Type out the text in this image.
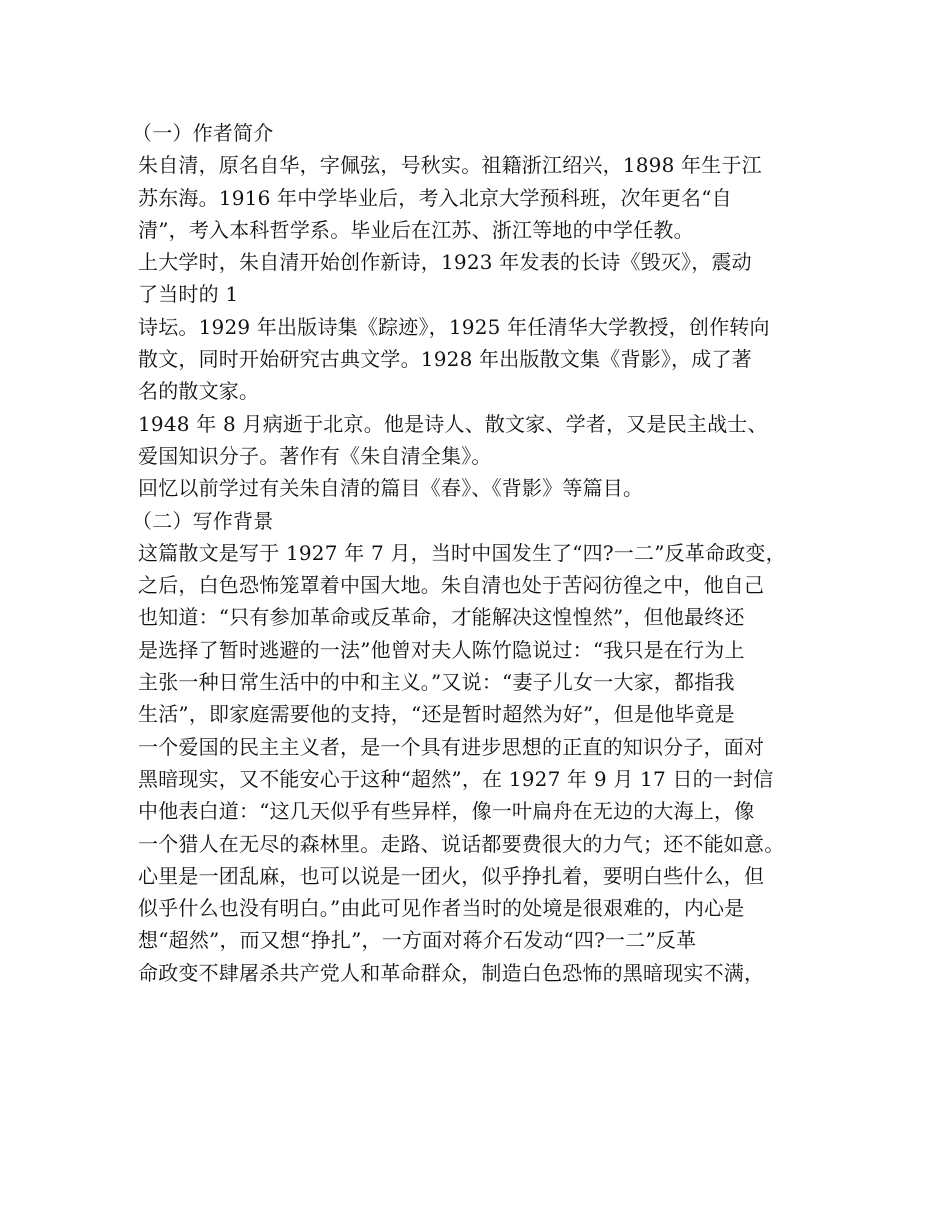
（一）作者简介
朱自清，原名自华，字佩弦，号秋实。祖籍浙江绍兴，1898 年生于江
苏东海。1916 年中学毕业后，考入北京大学预科班，次年更名“自
清”，考入本科哲学系。毕业后在江苏、浙江等地的中学任教。
上大学时，朱自清开始创作新诗，1923 年发表的长诗《毁灭》，震动
了当时的 1
诗坛。1929 年出版诗集《踪迹》，1925 年任清华大学教授，创作转向
散文，同时开始研究古典文学。1928 年出版散文集《背影》，成了著
名的散文家。
1948 年 8 月病逝于北京。他是诗人、散文家、学者，又是民主战士、
爱国知识分子。著作有《朱自清全集》。
回忆以前学过有关朱自清的篇目《春》、《背影》等篇目。
（二）写作背景
这篇散文是写于 1927 年 7 月，当时中国发生了“四?一二”反革命政变，
之后，白色恐怖笼罩着中国大地。朱自清也处于苦闷彷徨之中，他自己
也知道：“只有参加革命或反革命，才能解决这惶惶然”，但他最终还
是选择了暂时逃避的一法”他曾对夫人陈竹隐说过：“我只是在行为上
主张一种日常生活中的中和主义。”又说：“妻子儿女一大家，都指我
生活”，即家庭需要他的支持，“还是暂时超然为好”，但是他毕竟是
一个爱国的民主主义者，是一个具有进步思想的正直的知识分子，面对
黑暗现实，又不能安心于这种“超然”，在 1927 年 9 月 17 日的一封信
中他表白道：“这几天似乎有些异样，像一叶扁舟在无边的大海上，像
一个猎人在无尽的森林里。走路、说话都要费很大的力气；还不能如意。
心里是一团乱麻，也可以说是一团火，似乎挣扎着，要明白些什么，但
似乎什么也没有明白。”由此可见作者当时的处境是很艰难的，内心是
想“超然”，而又想“挣扎”，一方面对蒋介石发动“四?一二”反革
命政变不肆屠杀共产党人和革命群众，制造白色恐怖的黑暗现实不满，
